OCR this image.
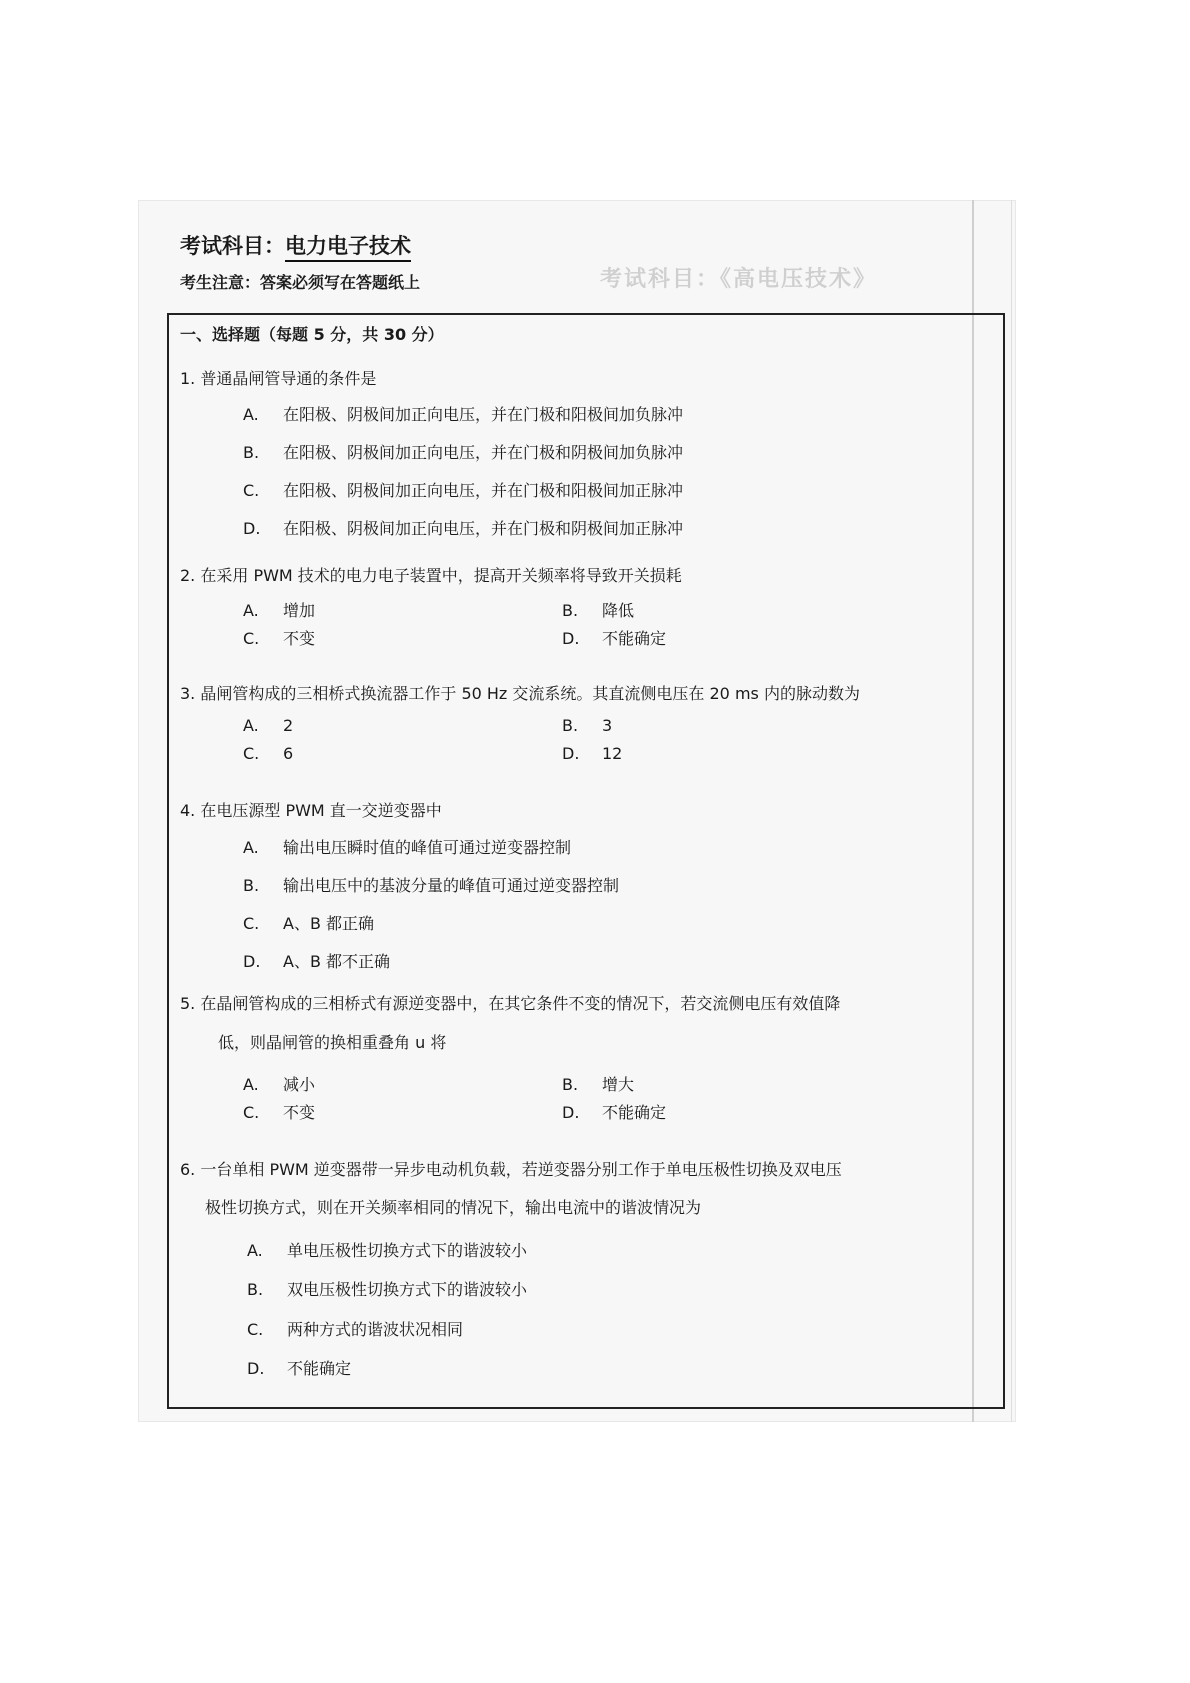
考试科目：《高电压技术》
考试科目：电力电子技术
考生注意：答案必须写在答题纸上
一、选择题（每题 5 分，共 30 分）
1. 普通晶闸管导通的条件是
A. 在阳极、阴极间加正向电压，并在门极和阳极间加负脉冲
B. 在阳极、阴极间加正向电压，并在门极和阴极间加负脉冲
C. 在阳极、阴极间加正向电压，并在门极和阳极间加正脉冲
D. 在阳极、阴极间加正向电压，并在门极和阴极间加正脉冲
2. 在采用 PWM 技术的电力电子装置中，提高开关频率将导致开关损耗
A. 增加	B. 降低
C. 不变	D. 不能确定
3. 晶闸管构成的三相桥式换流器工作于 50 Hz 交流系统。其直流侧电压在 20 ms 内的脉动数为
A. 2	B. 3
C. 6	D. 12
4. 在电压源型 PWM 直一交逆变器中
A. 输出电压瞬时值的峰值可通过逆变器控制
B. 输出电压中的基波分量的峰值可通过逆变器控制
C. A、B 都正确
D. A、B 都不正确
5. 在晶闸管构成的三相桥式有源逆变器中，在其它条件不变的情况下，若交流侧电压有效值降
低，则晶闸管的换相重叠角 u 将
A. 减小	B. 增大
C. 不变	D. 不能确定
6. 一台单相 PWM 逆变器带一异步电动机负载，若逆变器分别工作于单电压极性切换及双电压
极性切换方式，则在开关频率相同的情况下，输出电流中的谐波情况为
A. 单电压极性切换方式下的谐波较小
B. 双电压极性切换方式下的谐波较小
C. 两种方式的谐波状况相同
D. 不能确定
